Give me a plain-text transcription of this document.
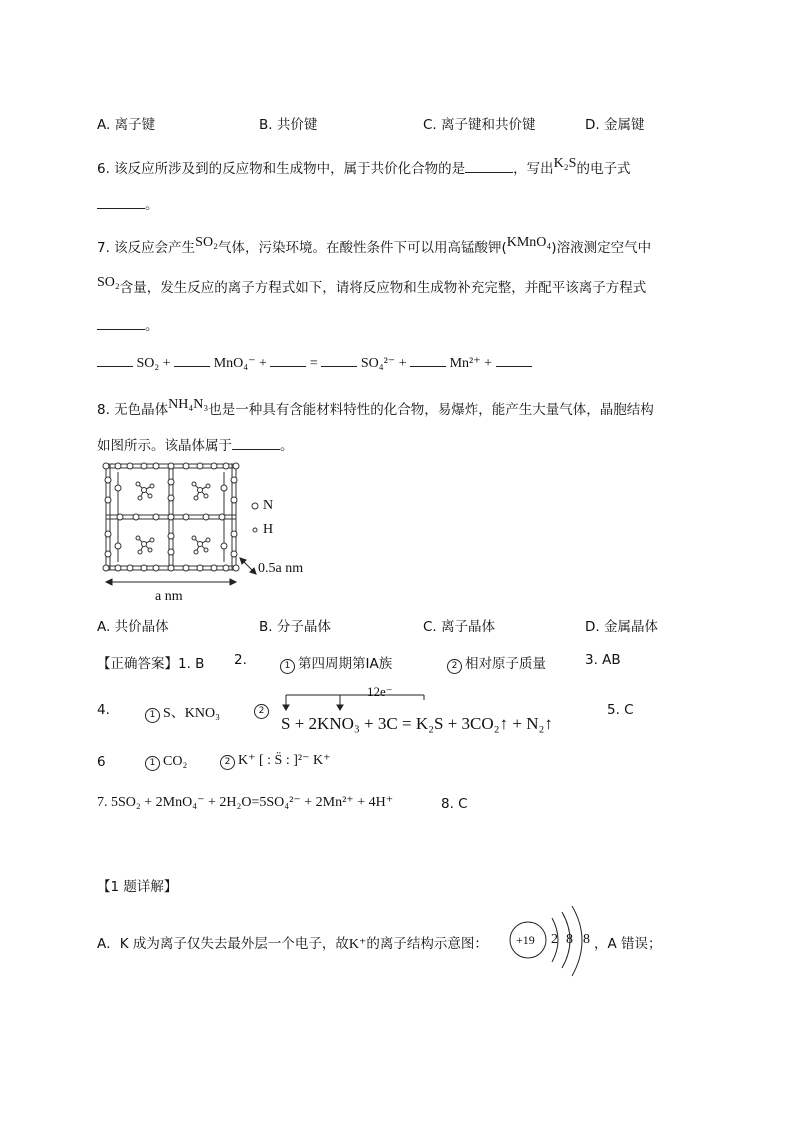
A. 离子键	B. 共价键	C. 离子键和共价键	D. 金属键
6. 该反应所涉及到的反应物和生成物中，属于共价化合物的是	，写出K₂S的电子式
。
7. 该反应会产生SO₂气体，污染环境。在酸性条件下可以用高锰酸钾(KMnO₄)溶液测定空气中
SO₂含量，发生反应的离子方程式如下，请将反应物和生成物补充完整，并配平该离子方程式
。
SO₂ +	MnO₄⁻ +	=	SO₄²⁻ +	Mn²⁺ +
8. 无色晶体NH₄N₃也是一种具有含能材料特性的化合物，易爆炸，能产生大量气体，晶胞结构
如图所示。该晶体属于	。
N
H
a nm
0.5a nm
A. 共价晶体	B. 分子晶体	C. 离子晶体	D. 金属晶体
【正确答案】1. B 2.	1 第四周期第ⅠA族	2 相对原子质量	3. AB
4.	1 S、KNO₃	2
12e⁻
S + 2KNO₃ + 3C = K₂S + 3CO₂↑ + N₂↑
5. C
6	1 CO₂	2 K⁺ [ : S̈ : ]²⁻ K⁺
7. 5SO₂ + 2MnO₄⁻ + 2H₂O=5SO₄²⁻ + 2Mn²⁺ + 4H⁺	8. C
【1 题详解】
A．K 成为离子仅失去最外层一个电子，故K⁺的离子结构示意图： +19 2 8 8 ，A 错误；
